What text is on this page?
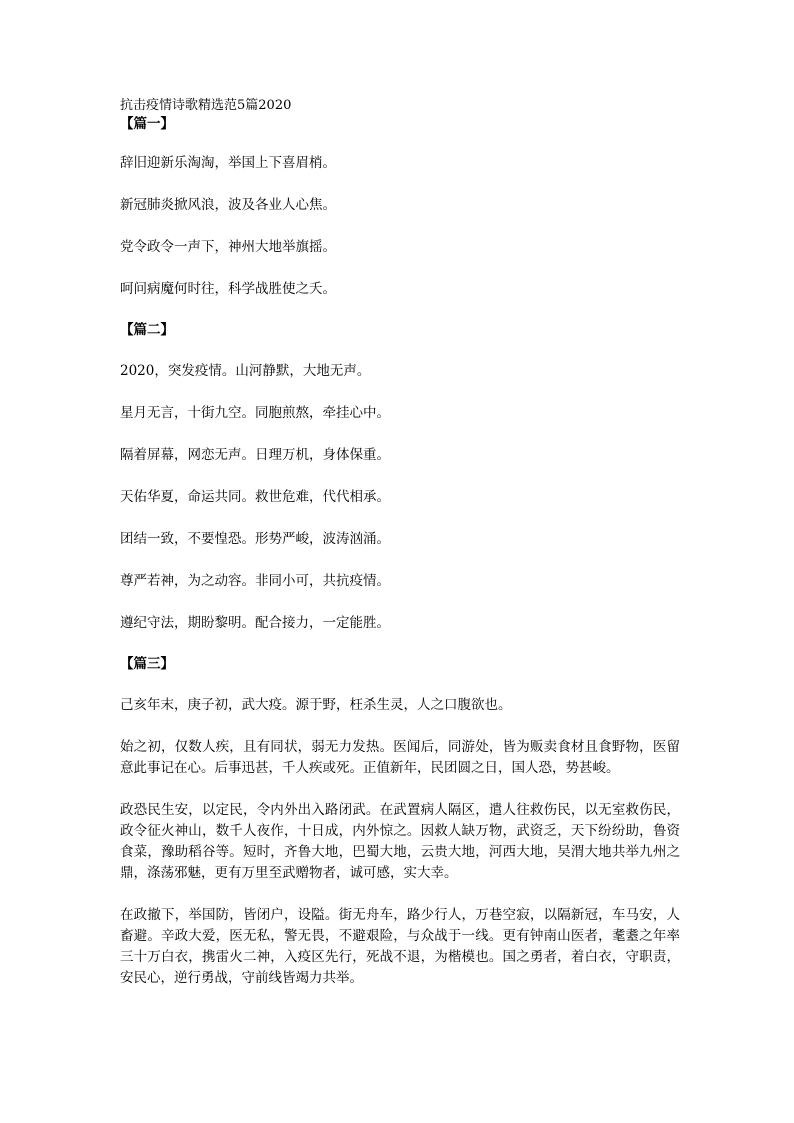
抗击疫情诗歌精选范5篇2020

【篇一】

辞旧迎新乐淘淘，举国上下喜眉梢。

新冠肺炎掀风浪，波及各业人心焦。

党令政令一声下，神州大地举旗摇。

呵问病魔何时往，科学战胜使之夭。

【篇二】

2020，突发疫情。山河静默，大地无声。

星月无言，十街九空。同胞煎熬，牵挂心中。

隔着屏幕，网恋无声。日理万机，身体保重。

天佑华夏，命运共同。救世危难，代代相承。

团结一致，不要惶恐。形势严峻，波涛汹涌。

尊严若神，为之动容。非同小可，共抗疫情。

遵纪守法，期盼黎明。配合接力，一定能胜。

【篇三】

己亥年末，庚子初，武大疫。源于野，枉杀生灵，人之口腹欲也。

始之初，仅数人疾，且有同状，弱无力发热。医闻后，同游处，皆为贩卖食材且食野物，医留意此事记在心。后事迅甚，千人疾或死。正值新年，民团圆之日，国人恐，势甚峻。

政恐民生安，以定民，令内外出入路闭武。在武置病人隔区，遣人往救伤民，以无室救伤民，政令征火神山，数千人夜作，十日成，内外惊之。因救人缺万物，武资乏，天下纷纷助，鲁资食菜，豫助稻谷等。短时，齐鲁大地，巴蜀大地，云贵大地，河西大地，吴渭大地共举九州之鼎，涤荡邪魅，更有万里至武赠物者，诚可感，实大幸。

在政撤下，举国防，皆闭户，设隘。街无舟车，路少行人，万巷空寂，以隔新冠，车马安，人畜避。辛政大爱，医无私，警无畏，不避艰险，与众战于一线。更有钟南山医者，耄耋之年率三十万白衣，携雷火二神，入疫区先行，死战不退，为楷模也。国之勇者，着白衣，守职责，安民心，逆行勇战，守前线皆竭力共举。
